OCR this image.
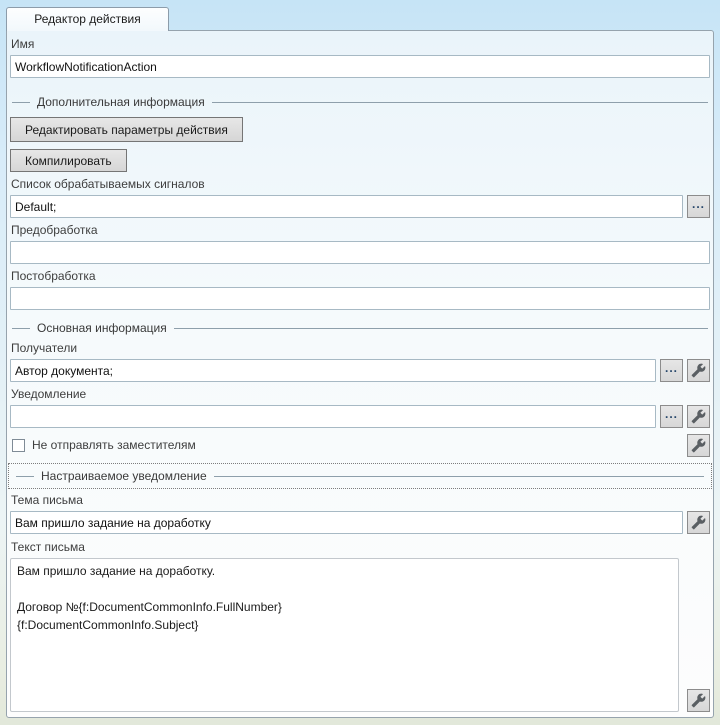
Редактор действия
Имя
WorkflowNotificationAction
Дополнительная информация
Редактировать параметры действия
Компилировать
Список обрабатываемых сигналов
Default;
...
Предобработка
Постобработка
Основная информация
Получатели
Автор документа;
...
Уведомление
...
Не отправлять заместителям
Настраиваемое уведомление
Тема письма
Вам пришло задание на доработку
Текст письма
Вам пришло задание на доработку. Договор №{f:DocumentCommonInfo.FullNumber} {f:DocumentCommonInfo.Subject}
